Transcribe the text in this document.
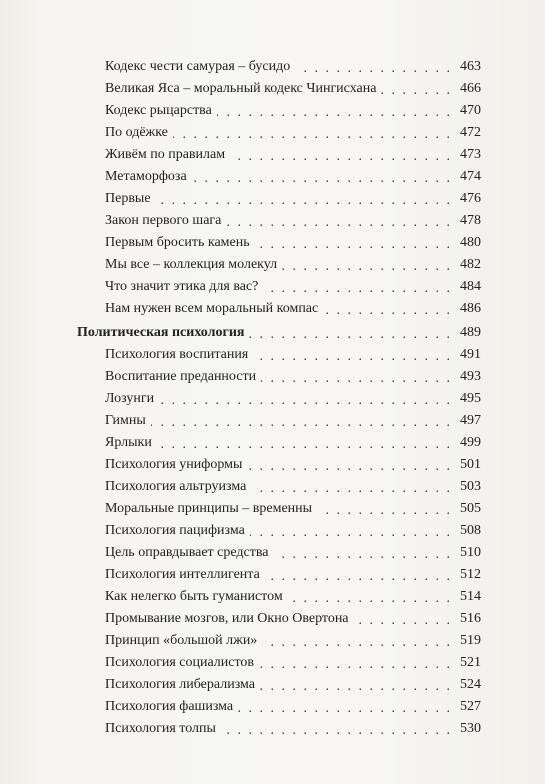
Кодекс чести самурая – бусидо . . .	463
Великая Яса – моральный кодекс Чингисхана . . .	466
Кодекс рыцарства . . .	470
По одёжке . . .	472
Живём по правилам . . .	473
Метаморфоза . . .	474
Первые . . .	476
Закон первого шага . . .	478
Первым бросить камень . . .	480
Мы все – коллекция молекул . . .	482
Что значит этика для вас? . . .	484
Нам нужен всем моральный компас . . .	486
Политическая психология . . .	489
Психология воспитания . . .	491
Воспитание преданности . . .	493
Лозунги . . .	495
Гимны . . .	497
Ярлыки . . .	499
Психология униформы . . .	501
Психология альтруизма . . .	503
Моральные принципы – временны . . .	505
Психология пацифизма . . .	508
Цель оправдывает средства . . .	510
Психология интеллигента . . .	512
Как нелегко быть гуманистом . . .	514
Промывание мозгов, или Окно Овертона . . .	516
Принцип «большой лжи» . . .	519
Психология социалистов . . .	521
Психология либерализма . . .	524
Психология фашизма . . .	527
Психология толпы . . .	530
